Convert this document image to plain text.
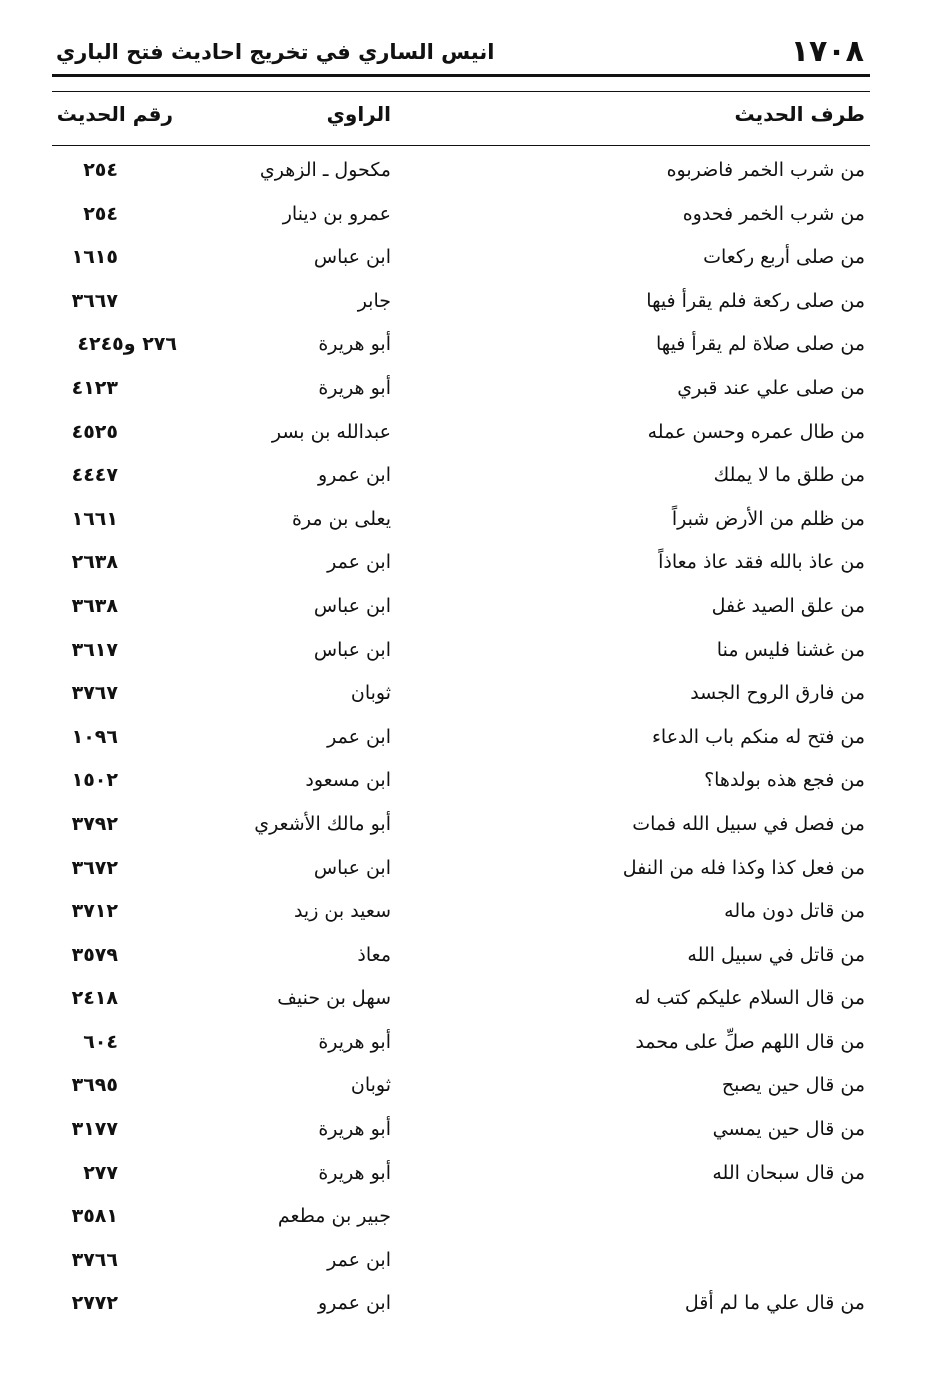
١٧٠٨
انيس الساري في تخريج احاديث فتح الباري
طرف الحديث
الراوي
رقم الحديث
من شرب الخمر فاضربوه
مكحول ـ الزهري
٢٥٤
من شرب الخمر فحدوه
عمرو بن دينار
٢٥٤
من صلى أربع ركعات
ابن عباس
١٦١٥
من صلى ركعة فلم يقرأ فيها
جابر
٣٦٦٧
من صلى صلاة لم يقرأ فيها
أبو هريرة
٢٧٦ و٤٢٤٥
من صلى علي عند قبري
أبو هريرة
٤١٢٣
من طال عمره وحسن عمله
عبدالله بن بسر
٤٥٢٥
من طلق ما لا يملك
ابن عمرو
٤٤٤٧
من ظلم من الأرض شبراً
يعلى بن مرة
١٦٦١
من عاذ بالله فقد عاذ معاذاً
ابن عمر
٢٦٣٨
من علق الصيد غفل
ابن عباس
٣٦٣٨
من غشنا فليس منا
ابن عباس
٣٦١٧
من فارق الروح الجسد
ثوبان
٣٧٦٧
من فتح له منكم باب الدعاء
ابن عمر
١٠٩٦
من فجع هذه بولدها؟
ابن مسعود
١٥٠٢
من فصل في سبيل الله فمات
أبو مالك الأشعري
٣٧٩٢
من فعل كذا وكذا فله من النفل
ابن عباس
٣٦٧٢
من قاتل دون ماله
سعيد بن زيد
٣٧١٢
من قاتل في سبيل الله
معاذ
٣٥٧٩
من قال السلام عليكم كتب له
سهل بن حنيف
٢٤١٨
من قال اللهم صلِّ على محمد
أبو هريرة
٦٠٤
من قال حين يصبح
ثوبان
٣٦٩٥
من قال حين يمسي
أبو هريرة
٣١٧٧
من قال سبحان الله
أبو هريرة
٢٧٧
جبير بن مطعم
٣٥٨١
ابن عمر
٣٧٦٦
من قال علي ما لم أقل
ابن عمرو
٢٧٧٢
